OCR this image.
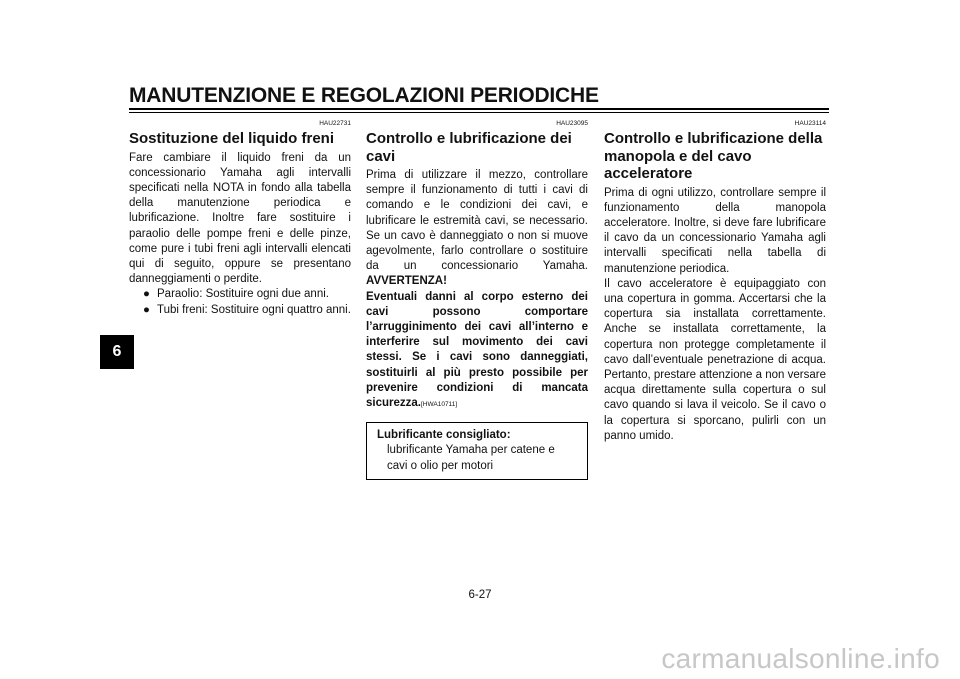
MANUTENZIONE E REGOLAZIONI PERIODICHE
6
HAU22731
Sostituzione del liquido freni

Fare cambiare il liquido freni da un concessionario Yamaha agli intervalli specificati nella NOTA in fondo alla tabella della manutenzione periodica e lubrificazione. Inoltre fare sostituire i paraolio delle pompe freni e delle pinze, come pure i tubi freni agli intervalli elencati qui di seguito, oppure se presentano danneggiamenti o perdite.

● Paraolio: Sostituire ogni due anni.
● Tubi freni: Sostituire ogni quattro anni.
HAU23095
Controllo e lubrificazione dei cavi

Prima di utilizzare il mezzo, controllare sempre il funzionamento di tutti i cavi di comando e le condizioni dei cavi, e lubrificare le estremità cavi, se necessario. Se un cavo è danneggiato o non si muove agevolmente, farlo controllare o sostituire da un concessionario Yamaha. AVVERTENZA!

Eventuali danni al corpo esterno dei cavi possono comportare l’arrugginimento dei cavi all’interno e interferire sul movimento dei cavi stessi. Se i cavi sono danneggiati, sostituirli al più presto possibile per prevenire condizioni di mancata sicurezza.[HWA10711]
Lubrificante consigliato:
lubrificante Yamaha per catene e cavi o olio per motori
HAU23114
Controllo e lubrificazione della manopola e del cavo acceleratore

Prima di ogni utilizzo, controllare sempre il funzionamento della manopola acceleratore. Inoltre, si deve fare lubrificare il cavo da un concessionario Yamaha agli intervalli specificati nella tabella di manutenzione periodica.

Il cavo acceleratore è equipaggiato con una copertura in gomma. Accertarsi che la copertura sia installata correttamente. Anche se installata correttamente, la copertura non protegge completamente il cavo dall’eventuale penetrazione di acqua. Pertanto, prestare attenzione a non versare acqua direttamente sulla copertura o sul cavo quando si lava il veicolo. Se il cavo o la copertura si sporcano, pulirli con un panno umido.

6-27
carmanualsonline.info
